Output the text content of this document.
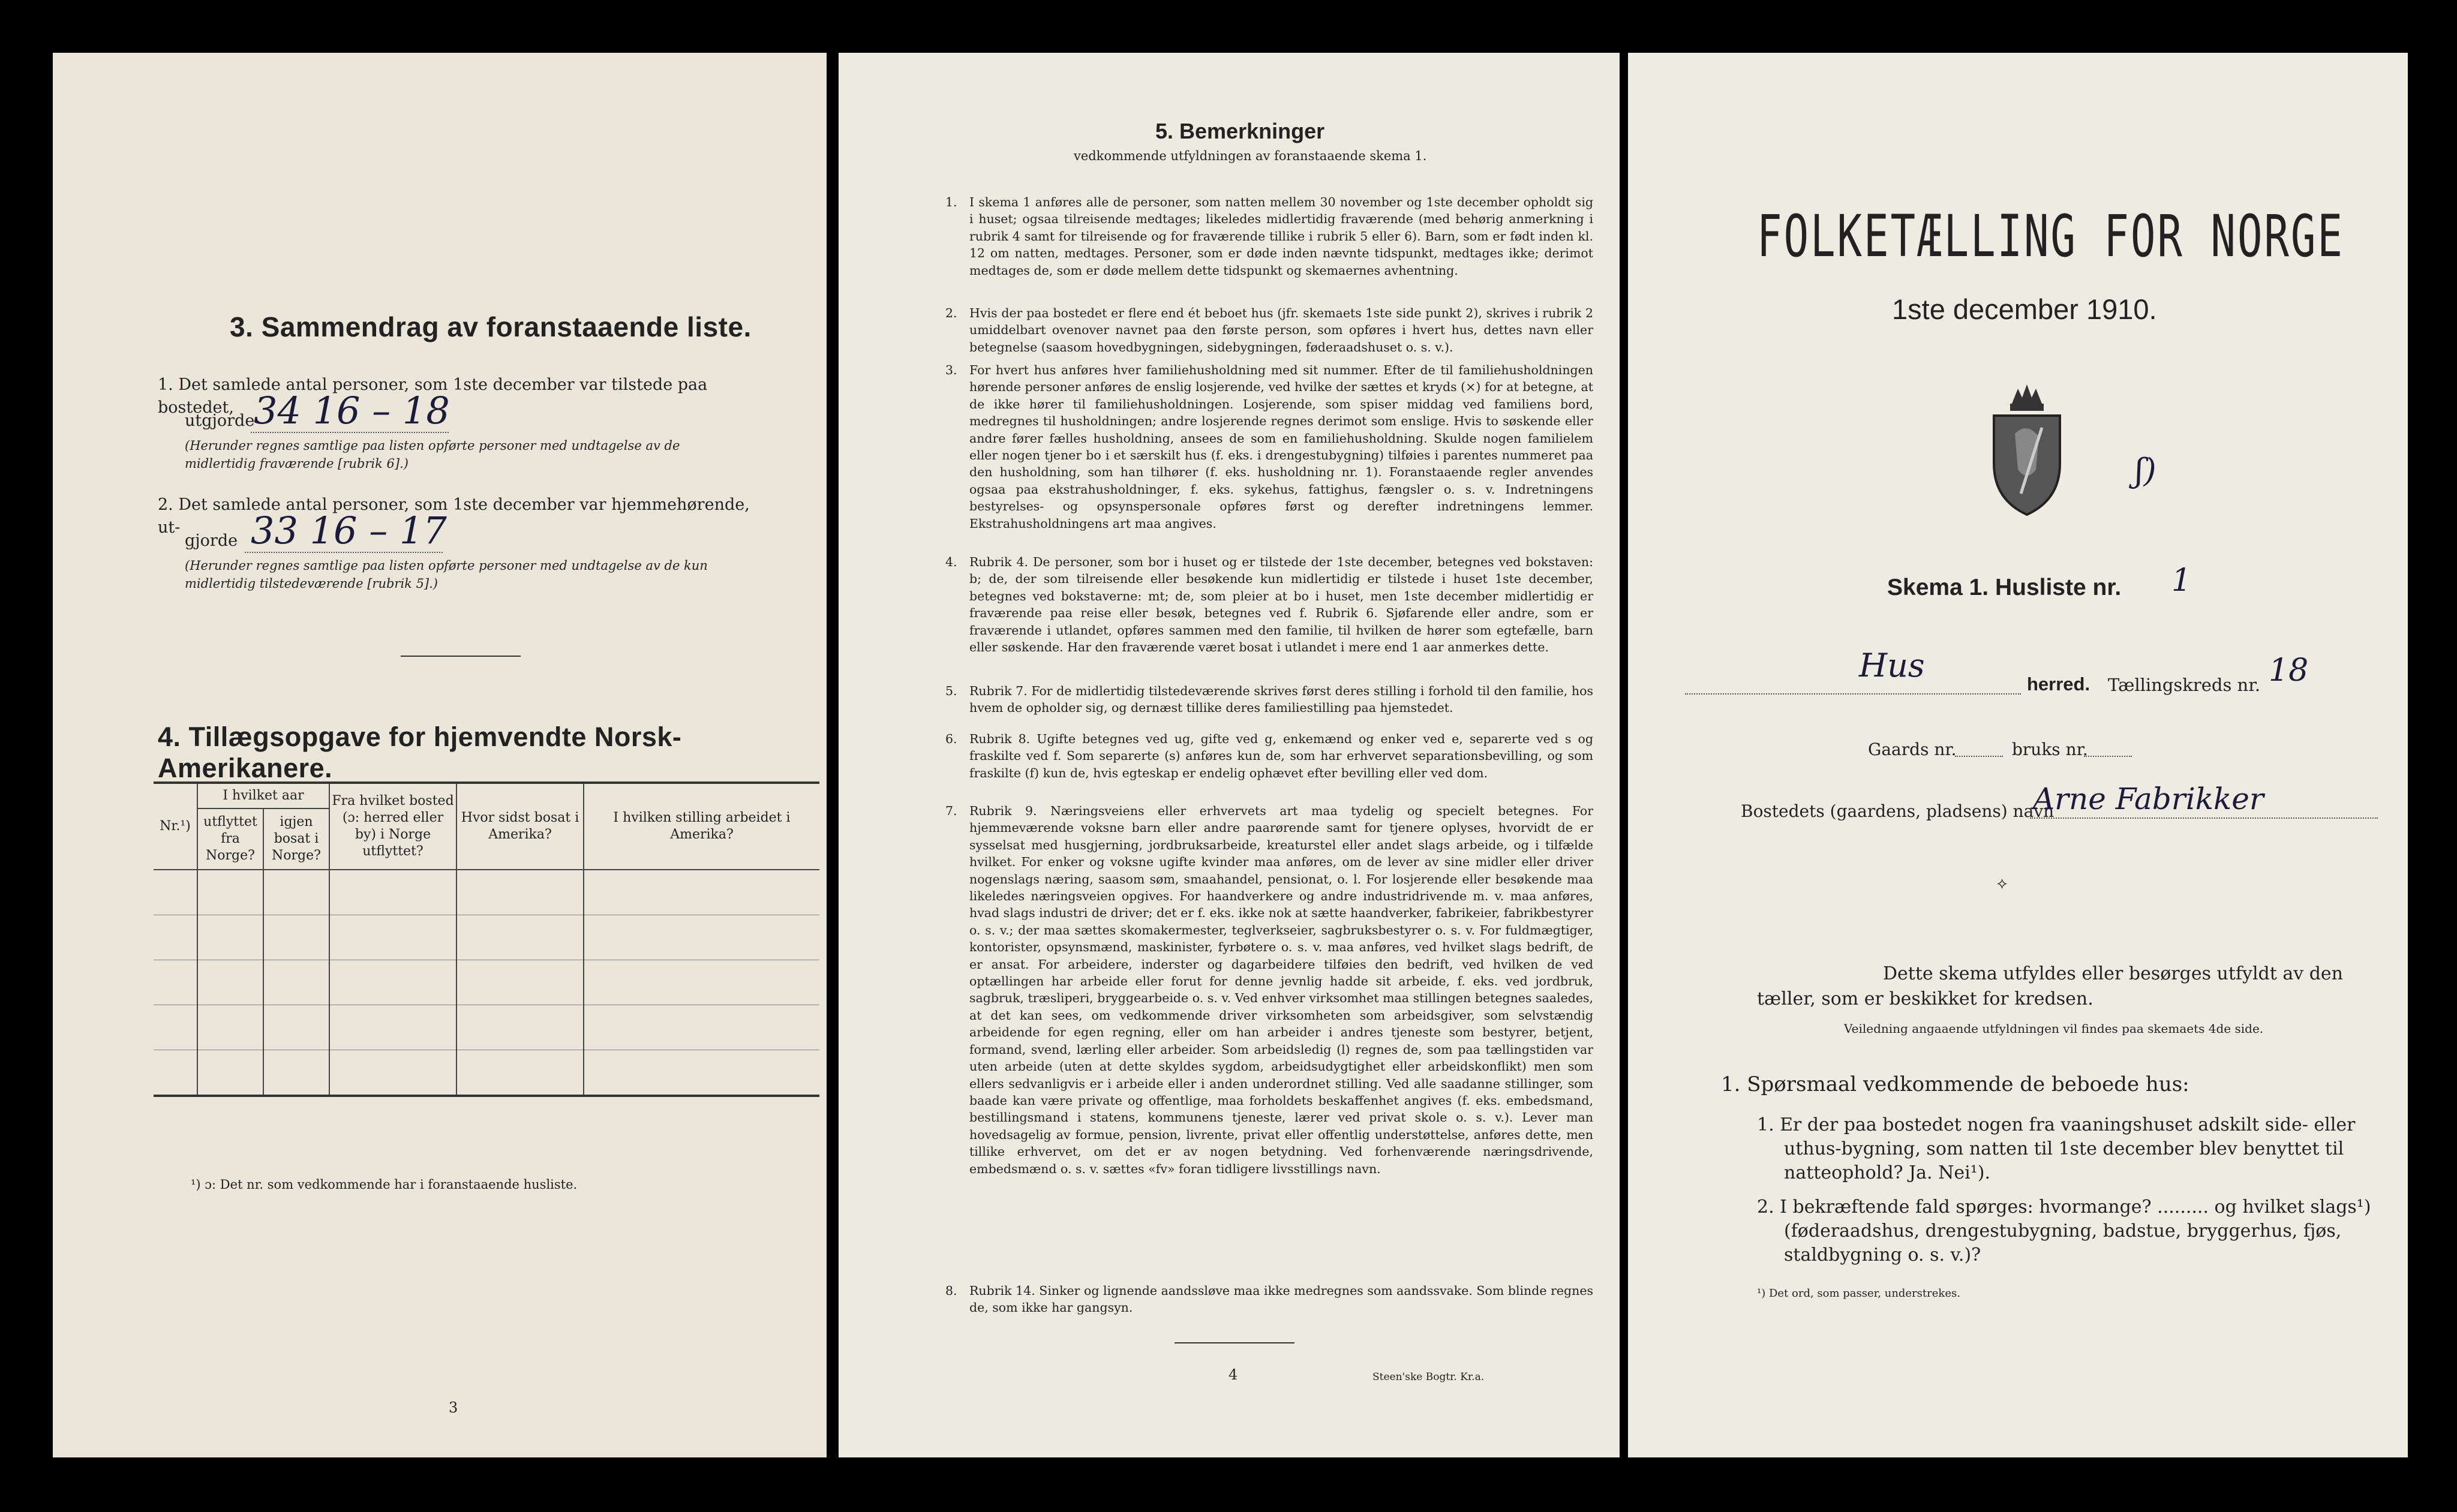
3. Sammendrag av foranstaaende liste.
1. Det samlede antal personer, som 1ste december var tilstede paa bostedet,
utgjorde
34 16 – 18
(Herunder regnes samtlige paa listen opførte personer med undtagelse av de midlertidig fraværende [rubrik 6].)
2. Det samlede antal personer, som 1ste december var hjemmehørende, ut-
gjorde 33 16 – 17
(Herunder regnes samtlige paa listen opførte personer med undtagelse av de kun midlertidig tilstedeværende [rubrik 5].)
4. Tillægsopgave for hjemvendte Norsk-Amerikanere.
Nr.¹)	I hvilket aar		Fra hvilket bosted (ɔ: herred eller by) i Norge utflyttet?	Hvor sidst bosat i Amerika?	I hvilken stilling arbeidet i Amerika?
	utflyttet fra Norge?	igjen bosat i Norge?			

¹) ɔ: Det nr. som vedkommende har i foranstaaende husliste.
3
5. Bemerkninger
vedkommende utfyldningen av foranstaaende skema 1.
1. I skema 1 anføres alle de personer, som natten mellem 30 november og 1ste december opholdt sig i huset; ogsaa tilreisende medtages; likeledes midlertidig fraværende (med behørig anmerkning i rubrik 4 samt for tilreisende og for fraværende tillike i rubrik 5 eller 6). Barn, som er født inden kl. 12 om natten, medtages. Personer, som er døde inden nævnte tidspunkt, medtages ikke; derimot medtages de, som er døde mellem dette tidspunkt og skemaernes avhentning.
2. Hvis der paa bostedet er flere end ét beboet hus (jfr. skemaets 1ste side punkt 2), skrives i rubrik 2 umiddelbart ovenover navnet paa den første person, som opføres i hvert hus, dettes navn eller betegnelse (saasom hovedbygningen, sidebygningen, føderaadshuset o. s. v.).
3. For hvert hus anføres hver familiehusholdning med sit nummer. Efter de til familiehusholdningen hørende personer anføres de enslig losjerende, ved hvilke der sættes et kryds (×) for at betegne, at de ikke hører til familiehusholdningen. Losjerende, som spiser middag ved familiens bord, medregnes til husholdningen; andre losjerende regnes derimot som enslige. Hvis to søskende eller andre fører fælles husholdning, ansees de som en familiehusholdning. Skulde nogen familielem eller nogen tjener bo i et særskilt hus (f. eks. i drengestubygning) tilføies i parentes nummeret paa den husholdning, som han tilhører (f. eks. husholdning nr. 1). Foranstaaende regler anvendes ogsaa paa ekstrahusholdninger, f. eks. sykehus, fattighus, fængsler o. s. v. Indretningens bestyrelses- og opsynspersonale opføres først og derefter indretningens lemmer. Ekstrahusholdningens art maa angives.
4. Rubrik 4. De personer, som bor i huset og er tilstede der 1ste december, betegnes ved bokstaven: b; de, der som tilreisende eller besøkende kun midlertidig er tilstede i huset 1ste december, betegnes ved bokstaverne: mt; de, som pleier at bo i huset, men 1ste december midlertidig er fraværende paa reise eller besøk, betegnes ved f. Rubrik 6. Sjøfarende eller andre, som er fraværende i utlandet, opføres sammen med den familie, til hvilken de hører som egtefælle, barn eller søskende. Har den fraværende været bosat i utlandet i mere end 1 aar anmerkes dette.
5. Rubrik 7. For de midlertidig tilstedeværende skrives først deres stilling i forhold til den familie, hos hvem de opholder sig, og dernæst tillike deres familiestilling paa hjemstedet.
6. Rubrik 8. Ugifte betegnes ved ug, gifte ved g, enkemænd og enker ved e, separerte ved s og fraskilte ved f. Som separerte (s) anføres kun de, som har erhvervet separationsbevilling, og som fraskilte (f) kun de, hvis egteskap er endelig ophævet efter bevilling eller ved dom.
7. Rubrik 9. Næringsveiens eller erhvervets art maa tydelig og specielt betegnes. For hjemmeværende voksne barn eller andre paarørende samt for tjenere oplyses, hvorvidt de er sysselsat med husgjerning, jordbruksarbeide, kreaturstel eller andet slags arbeide, og i tilfælde hvilket. For enker og voksne ugifte kvinder maa anføres, om de lever av sine midler eller driver nogenslags næring, saasom søm, smaahandel, pensionat, o. l. For losjerende eller besøkende maa likeledes næringsveien opgives. For haandverkere og andre industridrivende m. v. maa anføres, hvad slags industri de driver; det er f. eks. ikke nok at sætte haandverker, fabrikeier, fabrikbestyrer o. s. v.; der maa sættes skomakermester, teglverkseier, sagbruksbestyrer o. s. v. For fuldmægtiger, kontorister, opsynsmænd, maskinister, fyrbøtere o. s. v. maa anføres, ved hvilket slags bedrift, de er ansat. For arbeidere, inderster og dagarbeidere tilføies den bedrift, ved hvilken de ved optællingen har arbeide eller forut for denne jevnlig hadde sit arbeide, f. eks. ved jordbruk, sagbruk, træsliperi, bryggearbeide o. s. v. Ved enhver virksomhet maa stillingen betegnes saaledes, at det kan sees, om vedkommende driver virksomheten som arbeidsgiver, som selvstændig arbeidende for egen regning, eller om han arbeider i andres tjeneste som bestyrer, betjent, formand, svend, lærling eller arbeider. Som arbeidsledig (l) regnes de, som paa tællingstiden var uten arbeide (uten at dette skyldes sygdom, arbeidsudygtighet eller arbeidskonflikt) men som ellers sedvanligvis er i arbeide eller i anden underordnet stilling. Ved alle saadanne stillinger, som baade kan være private og offentlige, maa forholdets beskaffenhet angives (f. eks. embedsmand, bestillingsmand i statens, kommunens tjeneste, lærer ved privat skole o. s. v.). Lever man hovedsagelig av formue, pension, livrente, privat eller offentlig understøttelse, anføres dette, men tillike erhvervet, om det er av nogen betydning. Ved forhenværende næringsdrivende, embedsmænd o. s. v. sættes «fv» foran tidligere livsstillings navn.
8. Rubrik 14. Sinker og lignende aandssløve maa ikke medregnes som aandssvake. Som blinde regnes de, som ikke har gangsyn.
4	Steen'ske Bogtr. Kr.a.
FOLKETÆLLING FOR NORGE
1ste december 1910.
ʃ)
Skema 1. Husliste nr. 1
Hus	herred. Tællingskreds nr. 18
Gaards nr.	bruks nr.
Bostedets (gaardens, pladsens) navn
Arne Fabrikker
⟡
Dette skema utfyldes eller besørges utfyldt av den tæller, som er beskikket for kredsen.
Veiledning angaaende utfyldningen vil findes paa skemaets 4de side.
1. Spørsmaal vedkommende de beboede hus:
1. Er der paa bostedet nogen fra vaaningshuset adskilt side- eller uthus-bygning, som natten til 1ste december blev benyttet til natteophold? Ja. Nei¹).
2. I bekræftende fald spørges: hvormange? ......... og hvilket slags¹) (føderaadshus, drengestubygning, badstue, bryggerhus, fjøs, staldbygning o. s. v.)?
¹) Det ord, som passer, understrekes.
